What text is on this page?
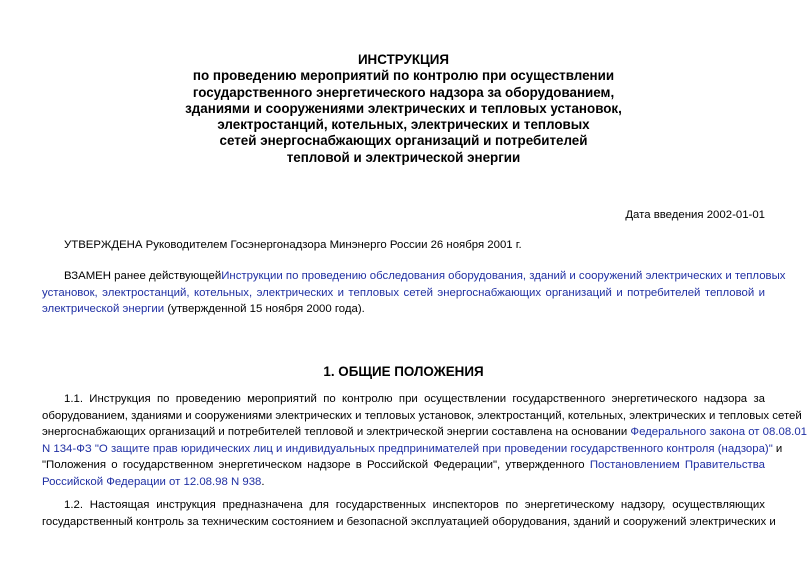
ИНСТРУКЦИЯ
по проведению мероприятий по контролю при осуществлении
государственного энергетического надзора за оборудованием,
зданиями и сооружениями электрических и тепловых установок,
электростанций, котельных, электрических и тепловых
сетей энергоснабжающих организаций и потребителей
тепловой и электрической энергии
Дата введения 2002-01-01
УТВЕРЖДЕНА Руководителем Госэнергонадзора Минэнерго России 26 ноября 2001 г.
ВЗАМЕН ранее действующейИнструкции по проведению обследования оборудования, зданий и сооружений электрических и тепловых
установок, электростанций, котельных, электрических и тепловых сетей энергоснабжающих организаций и потребителей тепловой и
электрической энергии (утвержденной 15 ноября 2000 года).
1. ОБЩИЕ ПОЛОЖЕНИЯ
1.1. Инструкция по проведению мероприятий по контролю при осуществлении государственного энергетического надзора за
оборудованием, зданиями и сооружениями электрических и тепловых установок, электростанций, котельных, электрических и тепловых сетей
энергоснабжающих организаций и потребителей тепловой и электрической энергии составлена на основании Федерального закона от 08.08.01
N 134-ФЗ "О защите прав юридических лиц и индивидуальных предпринимателей при проведении государственного контроля (надзора)" и
"Положения о государственном энергетическом надзоре в Российской Федерации", утвержденного Постановлением Правительства
Российской Федерации от 12.08.98 N 938.
1.2. Настоящая инструкция предназначена для государственных инспекторов по энергетическому надзору, осуществляющих
государственный контроль за техническим состоянием и безопасной эксплуатацией оборудования, зданий и сооружений электрических и
